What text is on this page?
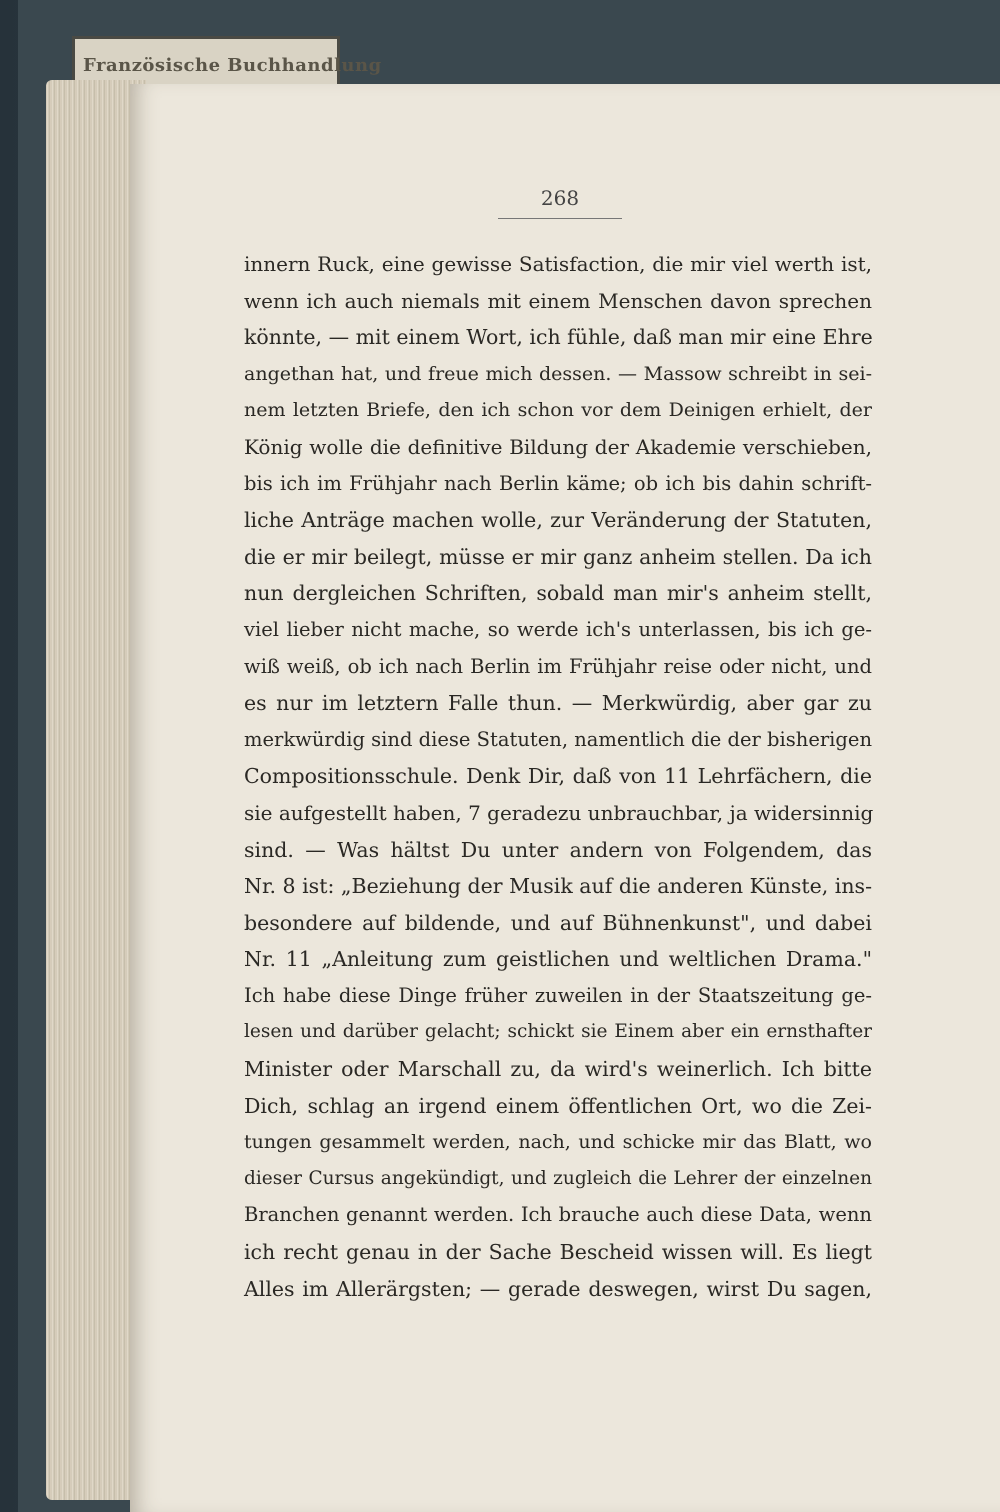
Französische Buchhandlung
268
innern Ruck, eine gewisse Satisfaction, die mir viel werth ist,
wenn ich auch niemals mit einem Menschen davon sprechen
könnte, — mit einem Wort, ich fühle, daß man mir eine Ehre
angethan hat, und freue mich dessen. — Massow schreibt in sei-
nem letzten Briefe, den ich schon vor dem Deinigen erhielt, der
König wolle die definitive Bildung der Akademie verschieben,
bis ich im Frühjahr nach Berlin käme; ob ich bis dahin schrift-
liche Anträge machen wolle, zur Veränderung der Statuten,
die er mir beilegt, müsse er mir ganz anheim stellen. Da ich
nun dergleichen Schriften, sobald man mir's anheim stellt,
viel lieber nicht mache, so werde ich's unterlassen, bis ich ge-
wiß weiß, ob ich nach Berlin im Frühjahr reise oder nicht, und
es nur im letztern Falle thun. — Merkwürdig, aber gar zu
merkwürdig sind diese Statuten, namentlich die der bisherigen
Compositionsschule. Denk Dir, daß von 11 Lehrfächern, die
sie aufgestellt haben, 7 geradezu unbrauchbar, ja widersinnig
sind. — Was hältst Du unter andern von Folgendem, das
Nr. 8 ist: „Beziehung der Musik auf die anderen Künste, ins-
besondere auf bildende, und auf Bühnenkunst", und dabei
Nr. 11 „Anleitung zum geistlichen und weltlichen Drama."
Ich habe diese Dinge früher zuweilen in der Staatszeitung ge-
lesen und darüber gelacht; schickt sie Einem aber ein ernsthafter
Minister oder Marschall zu, da wird's weinerlich. Ich bitte
Dich, schlag an irgend einem öffentlichen Ort, wo die Zei-
tungen gesammelt werden, nach, und schicke mir das Blatt, wo
dieser Cursus angekündigt, und zugleich die Lehrer der einzelnen
Branchen genannt werden. Ich brauche auch diese Data, wenn
ich recht genau in der Sache Bescheid wissen will. Es liegt
Alles im Allerärgsten; — gerade deswegen, wirst Du sagen,
